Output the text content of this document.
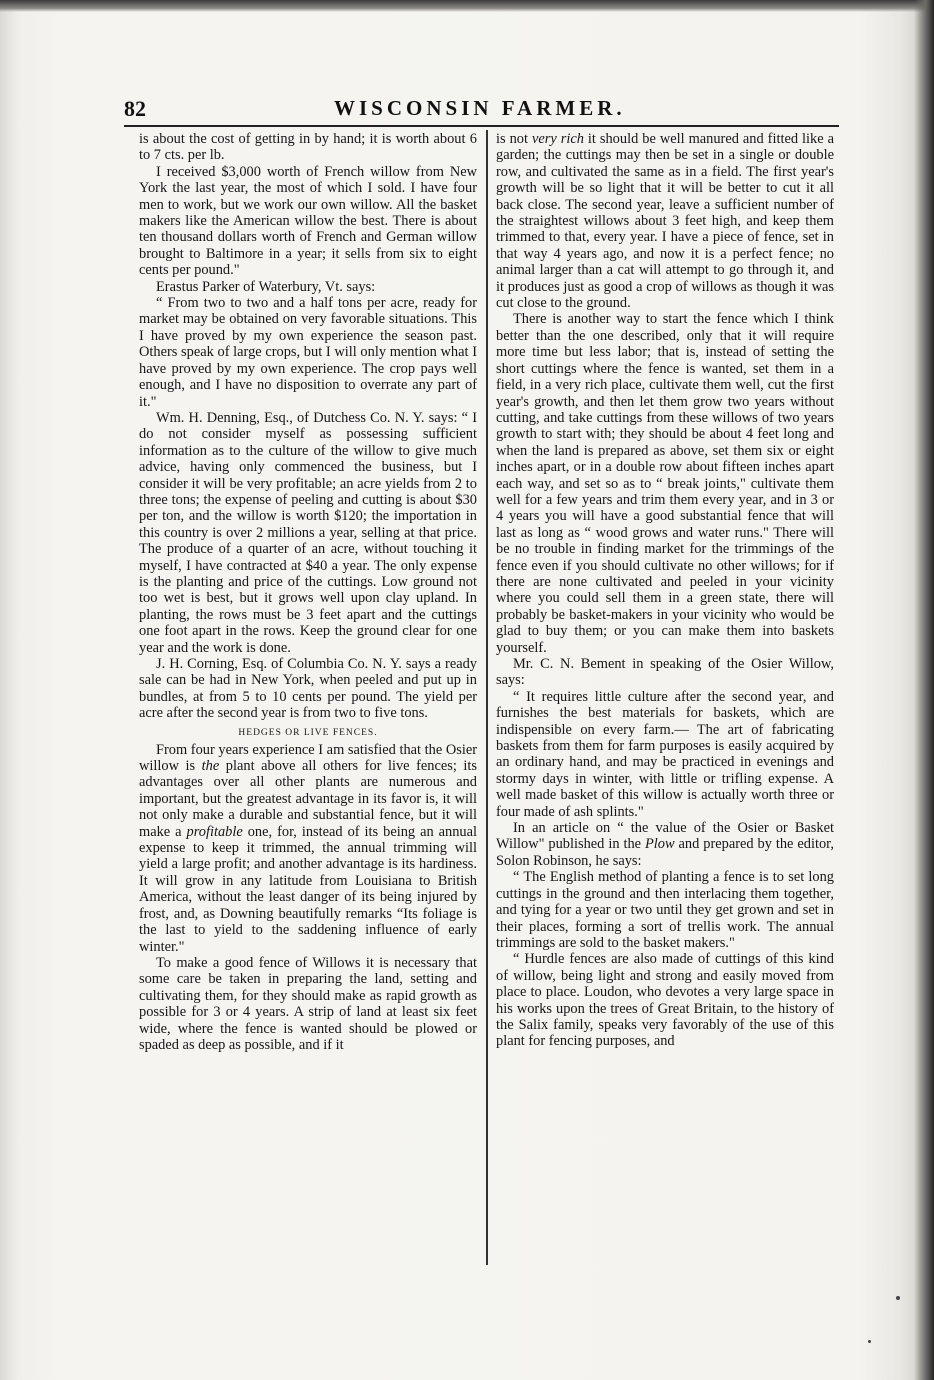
82	WISCONSIN FARMER.

is about the cost of getting in by hand; it is worth about 6 to 7 cts. per lb.

I received $3,000 worth of French willow from New York the last year, the most of which I sold. I have four men to work, but we work our own willow. All the basket makers like the American willow the best. There is about ten thousand dollars worth of French and German willow brought to Baltimore in a year; it sells from six to eight cents per pound."

Erastus Parker of Waterbury, Vt. says:

“ From two to two and a half tons per acre, ready for market may be obtained on very favorable situations. This I have proved by my own experience the season past. Others speak of large crops, but I will only mention what I have proved by my own experience. The crop pays well enough, and I have no disposition to overrate any part of it."

Wm. H. Denning, Esq., of Dutchess Co. N. Y. says: “ I do not consider myself as possessing sufficient information as to the culture of the willow to give much advice, having only commenced the business, but I consider it will be very profitable; an acre yields from 2 to three tons; the expense of peeling and cutting is about $30 per ton, and the willow is worth $120; the importation in this country is over 2 millions a year, selling at that price. The produce of a quarter of an acre, without touching it myself, I have contracted at $40 a year. The only expense is the planting and price of the cuttings. Low ground not too wet is best, but it grows well upon clay upland. In planting, the rows must be 3 feet apart and the cuttings one foot apart in the rows. Keep the ground clear for one year and the work is done.

J. H. Corning, Esq. of Columbia Co. N. Y. says a ready sale can be had in New York, when peeled and put up in bundles, at from 5 to 10 cents per pound. The yield per acre after the second year is from two to five tons.

HEDGES OR LIVE FENCES.

From four years experience I am satisfied that the Osier willow is the plant above all others for live fences; its advantages over all other plants are numerous and important, but the greatest advantage in its favor is, it will not only make a durable and substantial fence, but it will make a profitable one, for, instead of its being an annual expense to keep it trimmed, the annual trimming will yield a large profit; and another advantage is its hardiness. It will grow in any latitude from Louisiana to British America, without the least danger of its being injured by frost, and, as Downing beautifully remarks “Its foliage is the last to yield to the saddening influence of early winter."

To make a good fence of Willows it is necessary that some care be taken in preparing the land, setting and cultivating them, for they should make as rapid growth as possible for 3 or 4 years. A strip of land at least six feet wide, where the fence is wanted should be plowed or spaded as deep as possible, and if it

is not very rich it should be well manured and fitted like a garden; the cuttings may then be set in a single or double row, and cultivated the same as in a field. The first year's growth will be so light that it will be better to cut it all back close. The second year, leave a sufficient number of the straightest willows about 3 feet high, and keep them trimmed to that, every year. I have a piece of fence, set in that way 4 years ago, and now it is a perfect fence; no animal larger than a cat will attempt to go through it, and it produces just as good a crop of willows as though it was cut close to the ground.

There is another way to start the fence which I think better than the one described, only that it will require more time but less labor; that is, instead of setting the short cuttings where the fence is wanted, set them in a field, in a very rich place, cultivate them well, cut the first year's growth, and then let them grow two years without cutting, and take cuttings from these willows of two years growth to start with; they should be about 4 feet long and when the land is prepared as above, set them six or eight inches apart, or in a double row about fifteen inches apart each way, and set so as to “ break joints," cultivate them well for a few years and trim them every year, and in 3 or 4 years you will have a good substantial fence that will last as long as “ wood grows and water runs." There will be no trouble in finding market for the trimmings of the fence even if you should cultivate no other willows; for if there are none cultivated and peeled in your vicinity where you could sell them in a green state, there will probably be basket-makers in your vicinity who would be glad to buy them; or you can make them into baskets yourself.

Mr. C. N. Bement in speaking of the Osier Willow, says:

“ It requires little culture after the second year, and furnishes the best materials for baskets, which are indispensible on every farm.— The art of fabricating baskets from them for farm purposes is easily acquired by an ordinary hand, and may be practiced in evenings and stormy days in winter, with little or trifling expense. A well made basket of this willow is actually worth three or four made of ash splints."

In an article on “ the value of the Osier or Basket Willow" published in the Plow and prepared by the editor, Solon Robinson, he says:

“ The English method of planting a fence is to set long cuttings in the ground and then interlacing them together, and tying for a year or two until they get grown and set in their places, forming a sort of trellis work. The annual trimmings are sold to the basket makers."

“ Hurdle fences are also made of cuttings of this kind of willow, being light and strong and easily moved from place to place. Loudon, who devotes a very large space in his works upon the trees of Great Britain, to the history of the Salix family, speaks very favorably of the use of this plant for fencing purposes, and
